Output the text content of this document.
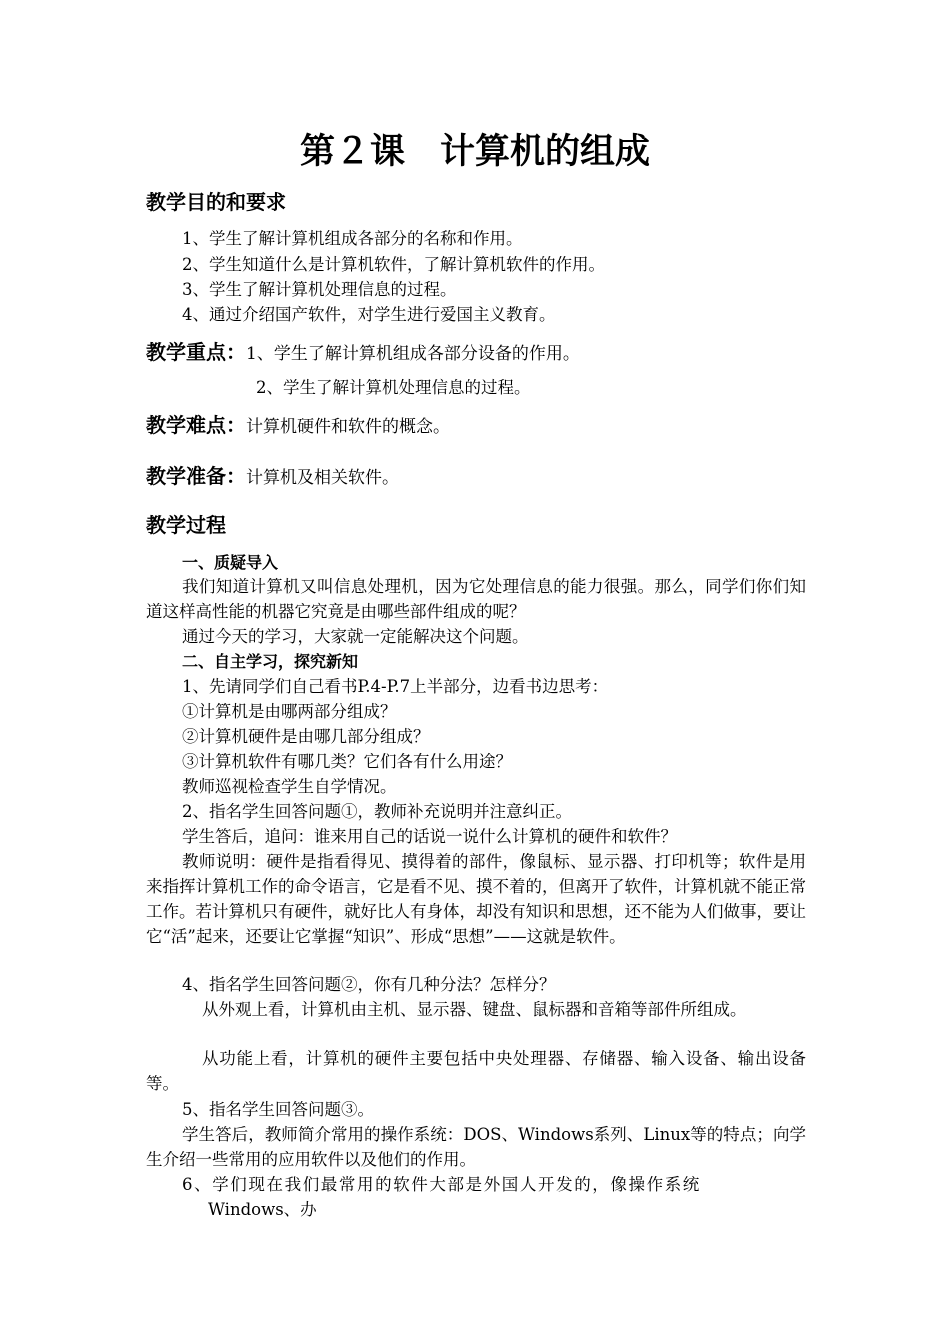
第２课　计算机的组成
教学目的和要求
1、学生了解计算机组成各部分的名称和作用。
2、学生知道什么是计算机软件，了解计算机软件的作用。
3、学生了解计算机处理信息的过程。
4、通过介绍国产软件，对学生进行爱国主义教育。
教学重点：1、学生了解计算机组成各部分设备的作用。
2、学生了解计算机处理信息的过程。
教学难点：计算机硬件和软件的概念。
教学准备：计算机及相关软件。
教学过程
一、质疑导入
我们知道计算机又叫信息处理机，因为它处理信息的能力很强。那么，同学们你们知道这样高性能的机器它究竟是由哪些部件组成的呢？
通过今天的学习，大家就一定能解决这个问题。
二、自主学习，探究新知
1、先请同学们自己看书P.4-P.7上半部分，边看书边思考：
①计算机是由哪两部分组成？
②计算机硬件是由哪几部分组成？
③计算机软件有哪几类？它们各有什么用途？
教师巡视检查学生自学情况。
2、指名学生回答问题①，教师补充说明并注意纠正。
学生答后，追问：谁来用自己的话说一说什么计算机的硬件和软件？
教师说明：硬件是指看得见、摸得着的部件，像鼠标、显示器、打印机等；软件是用来指挥计算机工作的命令语言，它是看不见、摸不着的，但离开了软件，计算机就不能正常工作。若计算机只有硬件，就好比人有身体，却没有知识和思想，还不能为人们做事，要让它“活”起来，还要让它掌握“知识”、形成“思想”——这就是软件。
4、指名学生回答问题②，你有几种分法？怎样分？
从外观上看，计算机由主机、显示器、键盘、鼠标器和音箱等部件所组成。
从功能上看，计算机的硬件主要包括中央处理器、存储器、输入设备、输出设备等。
5、指名学生回答问题③。
学生答后，教师简介常用的操作系统：DOS、Windows系列、Linux等的特点；向学生介绍一些常用的应用软件以及他们的作用。
6、学们现在我们最常用的软件大部是外国人开发的，像操作系统
Windows、办
